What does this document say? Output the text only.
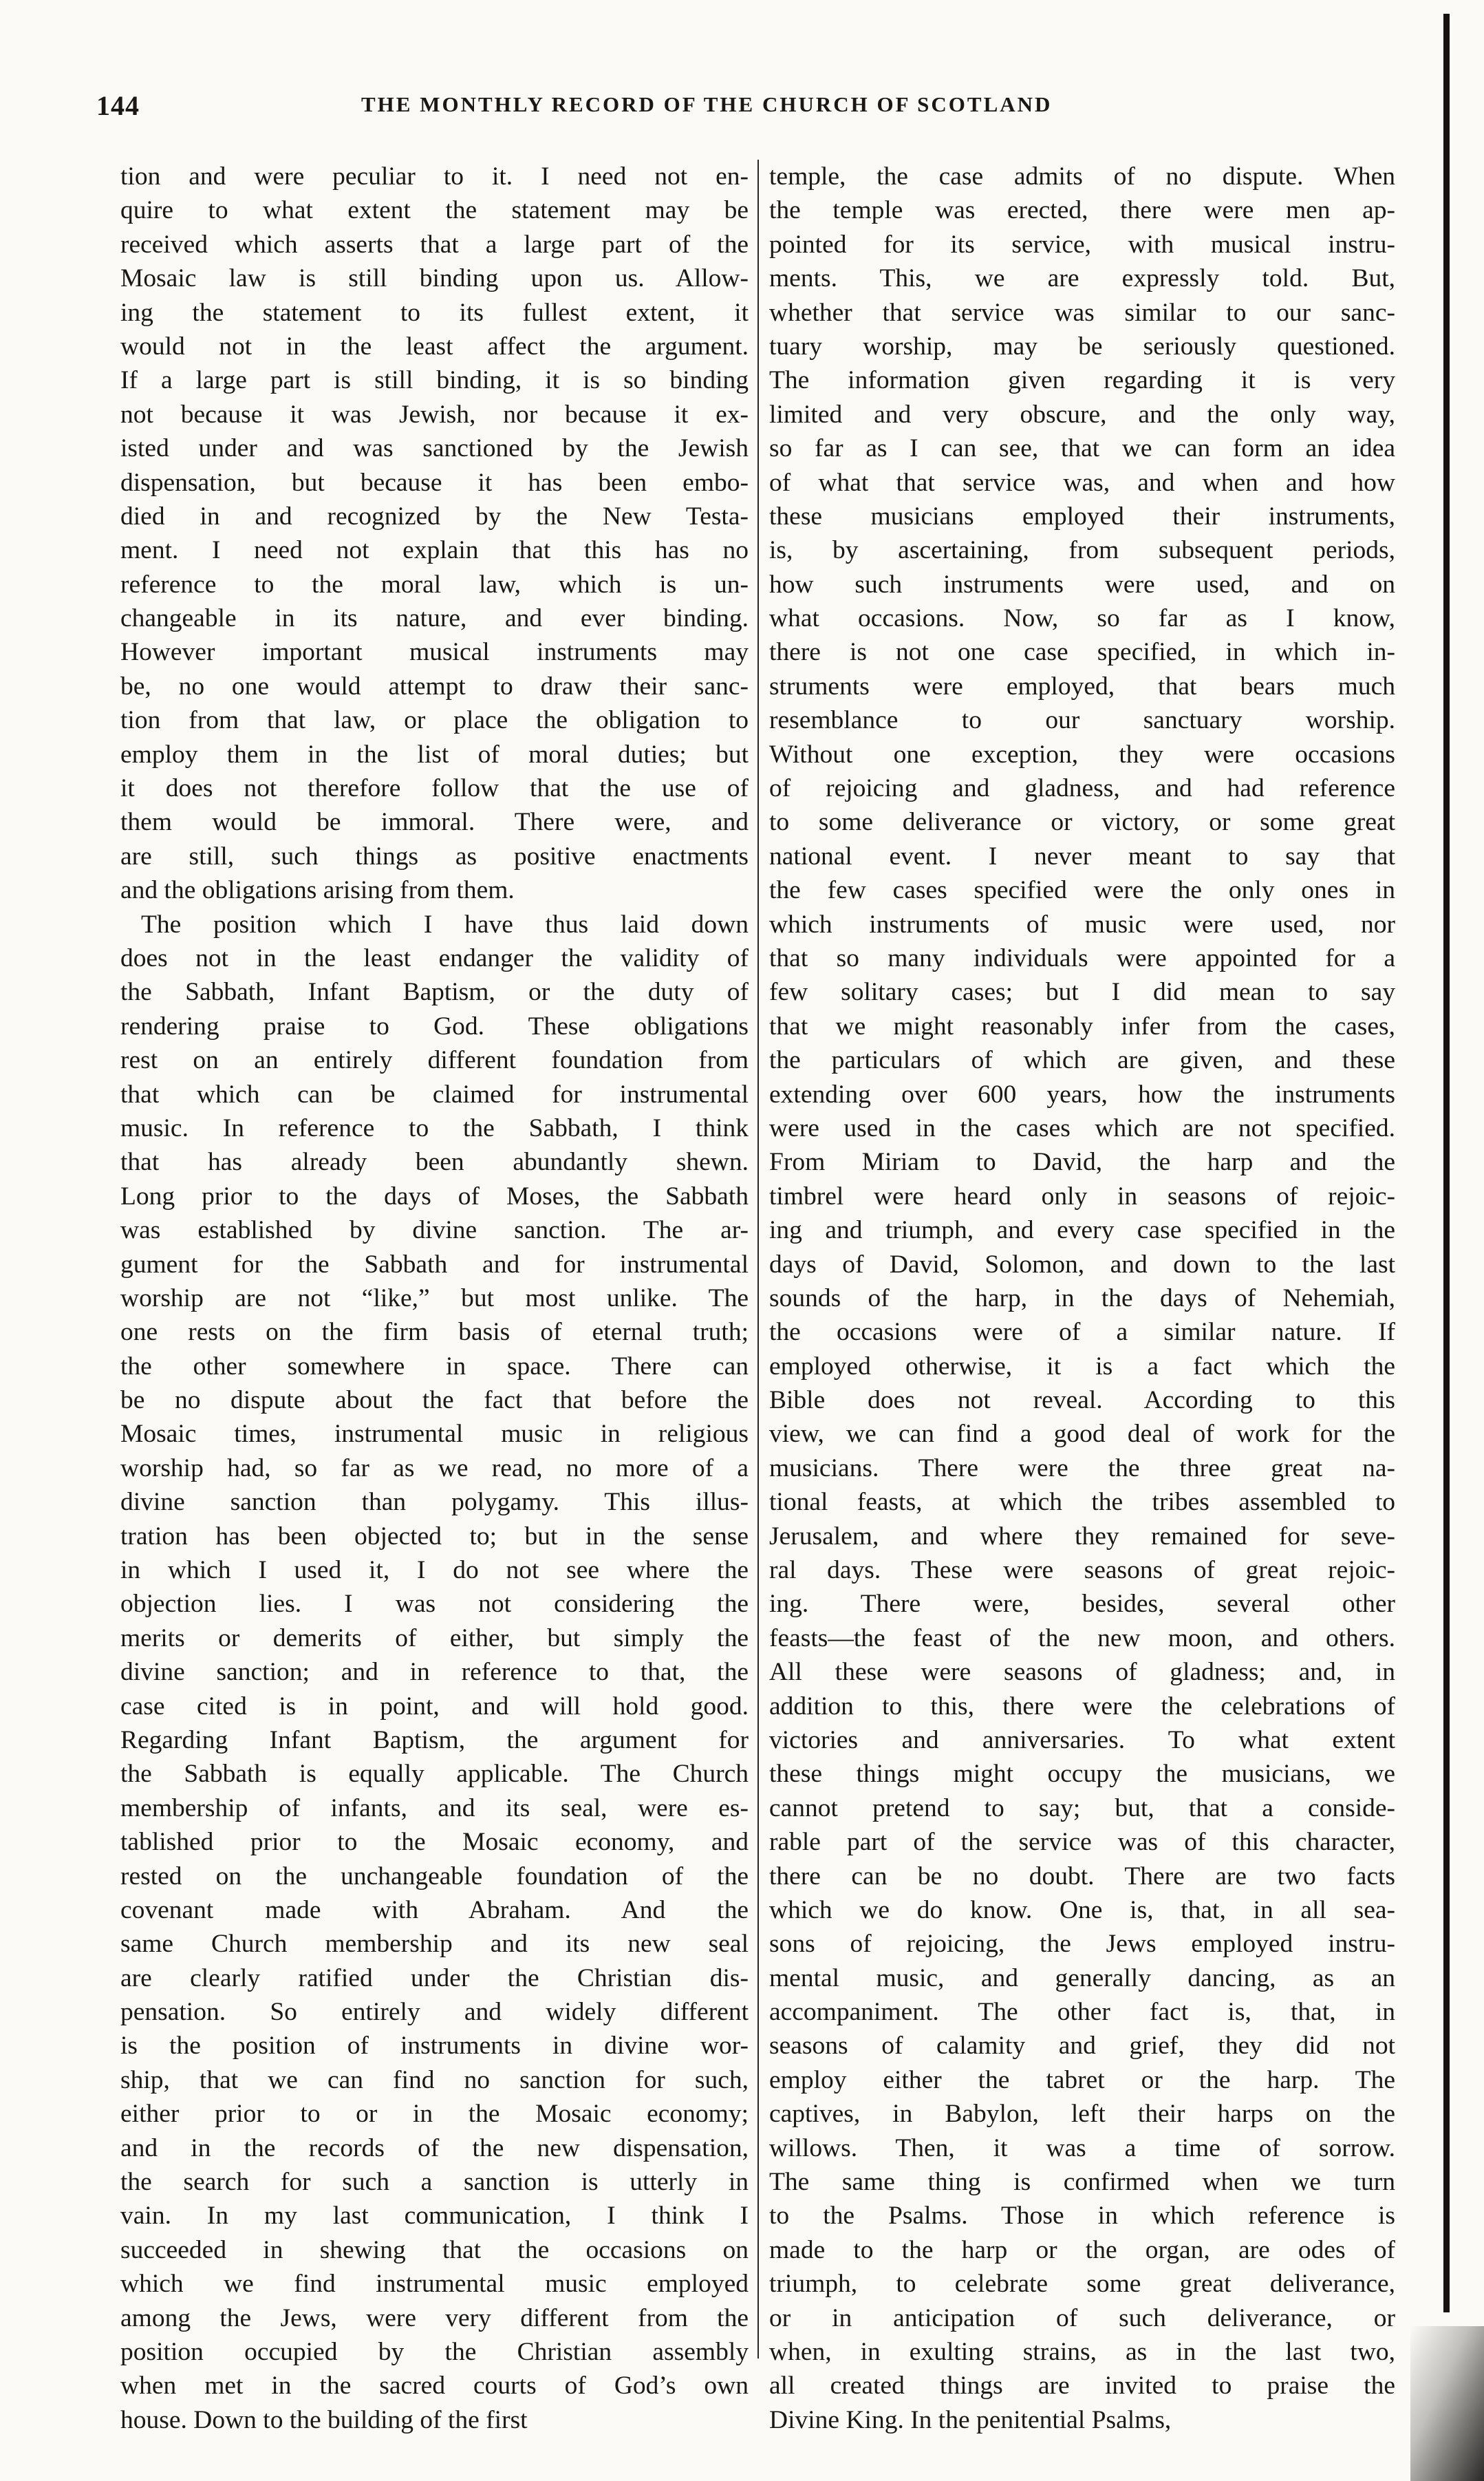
144	THE MONTHLY RECORD OF THE CHURCH OF SCOTLAND
tion and were peculiar to it. I need not en-
quire to what extent the statement may be
received which asserts that a large part of the
Mosaic law is still binding upon us. Allow-
ing the statement to its fullest extent, it
would not in the least affect the argument.
If a large part is still binding, it is so binding
not because it was Jewish, nor because it ex-
isted under and was sanctioned by the Jewish
dispensation, but because it has been embo-
died in and recognized by the New Testa-
ment. I need not explain that this has no
reference to the moral law, which is un-
changeable in its nature, and ever binding.
However important musical instruments may
be, no one would attempt to draw their sanc-
tion from that law, or place the obligation to
employ them in the list of moral duties; but
it does not therefore follow that the use of
them would be immoral. There were, and
are still, such things as positive enactments
and the obligations arising from them.
The position which I have thus laid down
does not in the least endanger the validity of
the Sabbath, Infant Baptism, or the duty of
rendering praise to God. These obligations
rest on an entirely different foundation from
that which can be claimed for instrumental
music. In reference to the Sabbath, I think
that has already been abundantly shewn.
Long prior to the days of Moses, the Sabbath
was established by divine sanction. The ar-
gument for the Sabbath and for instrumental
worship are not “like,” but most unlike. The
one rests on the firm basis of eternal truth;
the other somewhere in space. There can
be no dispute about the fact that before the
Mosaic times, instrumental music in religious
worship had, so far as we read, no more of a
divine sanction than polygamy. This illus-
tration has been objected to; but in the sense
in which I used it, I do not see where the
objection lies. I was not considering the
merits or demerits of either, but simply the
divine sanction; and in reference to that, the
case cited is in point, and will hold good.
Regarding Infant Baptism, the argument for
the Sabbath is equally applicable. The Church
membership of infants, and its seal, were es-
tablished prior to the Mosaic economy, and
rested on the unchangeable foundation of the
covenant made with Abraham. And the
same Church membership and its new seal
are clearly ratified under the Christian dis-
pensation. So entirely and widely different
is the position of instruments in divine wor-
ship, that we can find no sanction for such,
either prior to or in the Mosaic economy;
and in the records of the new dispensation,
the search for such a sanction is utterly in
vain. In my last communication, I think I
succeeded in shewing that the occasions on
which we find instrumental music employed
among the Jews, were very different from the
position occupied by the Christian assembly
when met in the sacred courts of God’s own
house. Down to the building of the first
temple, the case admits of no dispute. When
the temple was erected, there were men ap-
pointed for its service, with musical instru-
ments. This, we are expressly told. But,
whether that service was similar to our sanc-
tuary worship, may be seriously questioned.
The information given regarding it is very
limited and very obscure, and the only way,
so far as I can see, that we can form an idea
of what that service was, and when and how
these musicians employed their instruments,
is, by ascertaining, from subsequent periods,
how such instruments were used, and on
what occasions. Now, so far as I know,
there is not one case specified, in which in-
struments were employed, that bears much
resemblance to our sanctuary worship.
Without one exception, they were occasions
of rejoicing and gladness, and had reference
to some deliverance or victory, or some great
national event. I never meant to say that
the few cases specified were the only ones in
which instruments of music were used, nor
that so many individuals were appointed for a
few solitary cases; but I did mean to say
that we might reasonably infer from the cases,
the particulars of which are given, and these
extending over 600 years, how the instruments
were used in the cases which are not specified.
From Miriam to David, the harp and the
timbrel were heard only in seasons of rejoic-
ing and triumph, and every case specified in the
days of David, Solomon, and down to the last
sounds of the harp, in the days of Nehemiah,
the occasions were of a similar nature. If
employed otherwise, it is a fact which the
Bible does not reveal. According to this
view, we can find a good deal of work for the
musicians. There were the three great na-
tional feasts, at which the tribes assembled to
Jerusalem, and where they remained for seve-
ral days. These were seasons of great rejoic-
ing. There were, besides, several other
feasts—the feast of the new moon, and others.
All these were seasons of gladness; and, in
addition to this, there were the celebrations of
victories and anniversaries. To what extent
these things might occupy the musicians, we
cannot pretend to say; but, that a conside-
rable part of the service was of this character,
there can be no doubt. There are two facts
which we do know. One is, that, in all sea-
sons of rejoicing, the Jews employed instru-
mental music, and generally dancing, as an
accompaniment. The other fact is, that, in
seasons of calamity and grief, they did not
employ either the tabret or the harp. The
captives, in Babylon, left their harps on the
willows. Then, it was a time of sorrow.
The same thing is confirmed when we turn
to the Psalms. Those in which reference is
made to the harp or the organ, are odes of
triumph, to celebrate some great deliverance,
or in anticipation of such deliverance, or
when, in exulting strains, as in the last two,
all created things are invited to praise the
Divine King. In the penitential Psalms,
